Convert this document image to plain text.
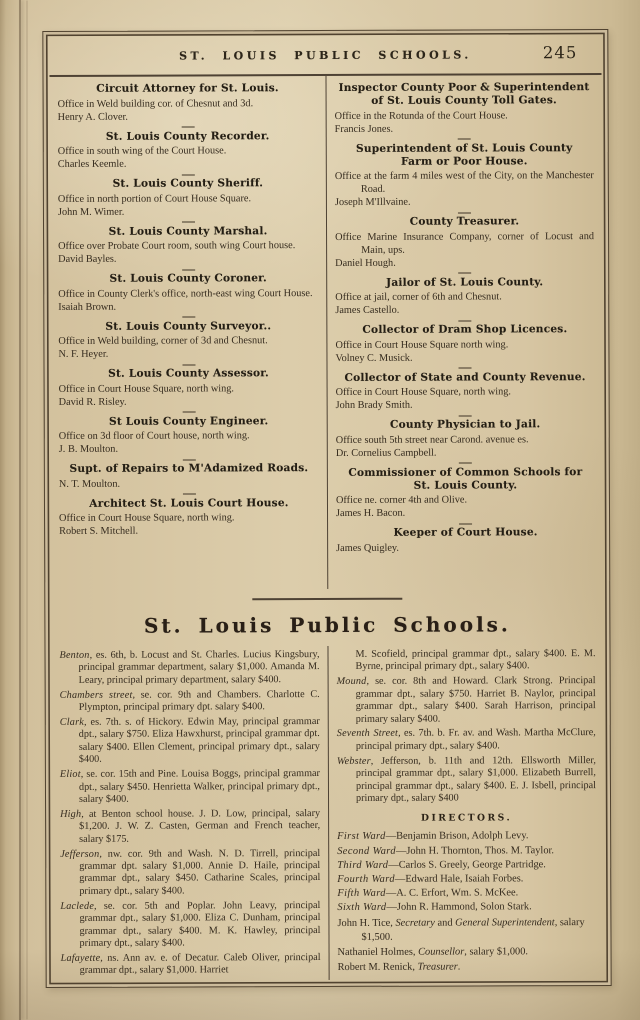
ST. LOUIS PUBLIC SCHOOLS.	245
Circuit Attorney for St. Louis.
Office in Weld building cor. of Chesnut and 3d.
Henry A. Clover.
St. Louis County Recorder.
Office in south wing of the Court House.
Charles Keemle.
St. Louis County Sheriff.
Office in north portion of Court House Square.
John M. Wimer.
St. Louis County Marshal.
Office over Probate Court room, south wing Court house.
David Bayles.
St. Louis County Coroner.
Office in County Clerk's office, north-east wing Court House.
Isaiah Brown.
St. Louis County Surveyor..
Office in Weld building, corner of 3d and Chesnut.
N. F. Heyer.
St. Louis County Assessor.
Office in Court House Square, north wing.
David R. Risley.
St Louis County Engineer.
Office on 3d floor of Court house, north wing.
J. B. Moulton.
Supt. of Repairs to M'Adamized Roads.
N. T. Moulton.
Architect St. Louis Court House.
Office in Court House Square, north wing.
Robert S. Mitchell.
Inspector County Poor & Superintendent of St. Louis County Toll Gates.
Office in the Rotunda of the Court House.
Francis Jones.
Superintendent of St. Louis County Farm or Poor House.
Office at the farm 4 miles west of the City, on the Manchester Road.
Joseph M'Illvaine.
County Treasurer.
Office Marine Insurance Company, corner of Locust and Main, ups.
Daniel Hough.
Jailor of St. Louis County.
Office at jail, corner of 6th and Chesnut.
James Castello.
Collector of Dram Shop Licences.
Office in Court House Square north wing.
Volney C. Musick.
Collector of State and County Revenue.
Office in Court House Square, north wing.
John Brady Smith.
County Physician to Jail.
Office south 5th street near Carond. avenue es.
Dr. Cornelius Campbell.
Commissioner of Common Schools for St. Louis County.
Office ne. corner 4th and Olive.
James H. Bacon.
Keeper of Court House.
James Quigley.
St. Louis Public Schools.

Benton, es. 6th, b. Locust and St. Charles. Lucius Kingsbury, principal grammar department, salary $1,000. Amanda M. Leary, principal primary department, salary $400.

Chambers street, se. cor. 9th and Chambers. Charlotte C. Plympton, principal primary dpt. salary $400.

Clark, es. 7th. s. of Hickory. Edwin May, principal grammar dpt., salary $750. Eliza Hawxhurst, principal grammar dpt. salary $400. Ellen Clement, principal primary dpt., salary $400.

Eliot, se. cor. 15th and Pine. Louisa Boggs, principal grammar dpt., salary $450. Henrietta Walker, principal primary dpt., salary $400.

High, at Benton school house. J. D. Low, principal, salary $1,200. J. W. Z. Casten, German and French teacher, salary $175.

Jefferson, nw. cor. 9th and Wash. N. D. Tirrell, principal grammar dpt. salary $1,000. Annie D. Haile, principal grammar dpt., salary $450. Catharine Scales, principal primary dpt., salary $400.

Laclede, se. cor. 5th and Poplar. John Leavy, principal grammar dpt., salary $1,000. Eliza C. Dunham, principal grammar dpt., salary $400. M. K. Hawley, principal primary dpt., salary $400.

Lafayette, ns. Ann av. e. of Decatur. Caleb Oliver, principal grammar dpt., salary $1,000. Harriet

M. Scofield, principal grammar dpt., salary $400. E. M. Byrne, principal primary dpt., salary $400.

Mound, se. cor. 8th and Howard. Clark Strong. Principal grammar dpt., salary $750. Harriet B. Naylor, principal grammar dpt., salary $400. Sarah Harrison, principal primary salary $400.

Seventh Street, es. 7th. b. Fr. av. and Wash. Martha McClure, principal primary dpt., salary $400.

Webster, Jefferson, b. 11th and 12th. Ellsworth Miller, principal grammar dpt., salary $1,000. Elizabeth Burrell, principal grammar dpt., salary $400. E. J. Isbell, principal primary dpt., salary $400

DIRECTORS.

First Ward—Benjamin Brison, Adolph Levy.

Second Ward—John H. Thornton, Thos. M. Taylor.

Third Ward—Carlos S. Greely, George Partridge.

Fourth Ward—Edward Hale, Isaiah Forbes.

Fifth Ward—A. C. Erfort, Wm. S. McKee.

Sixth Ward—John R. Hammond, Solon Stark.

John H. Tice, Secretary and General Superintendent, salary $1,500.

Nathaniel Holmes, Counsellor, salary $1,000.

Robert M. Renick, Treasurer.
